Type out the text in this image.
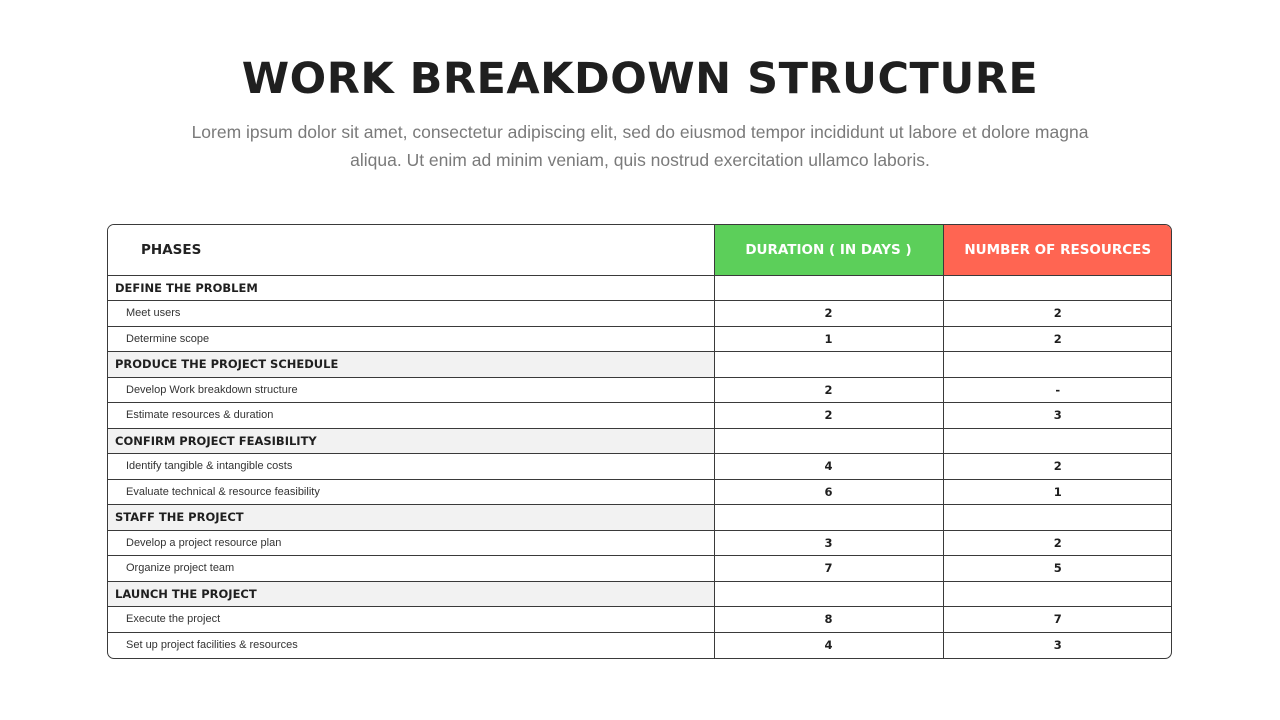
WORK BREAKDOWN STRUCTURE

Lorem ipsum dolor sit amet, consectetur adipiscing elit, sed do eiusmod tempor incididunt ut labore et dolore magna aliqua. Ut enim ad minim veniam, quis nostrud exercitation ullamco laboris.

PHASES	DURATION ( IN DAYS )	NUMBER OF RESOURCES
DEFINE THE PROBLEM		
Meet users	2	2
Determine scope	1	2
PRODUCE THE PROJECT SCHEDULE		
Develop Work breakdown structure	2	-
Estimate resources & duration	2	3
CONFIRM PROJECT FEASIBILITY		
Identify tangible & intangible costs	4	2
Evaluate technical & resource feasibility	6	1
STAFF THE PROJECT		
Develop a project resource plan	3	2
Organize project team	7	5
LAUNCH THE PROJECT		
Execute the project	8	7
Set up project facilities & resources	4	3
